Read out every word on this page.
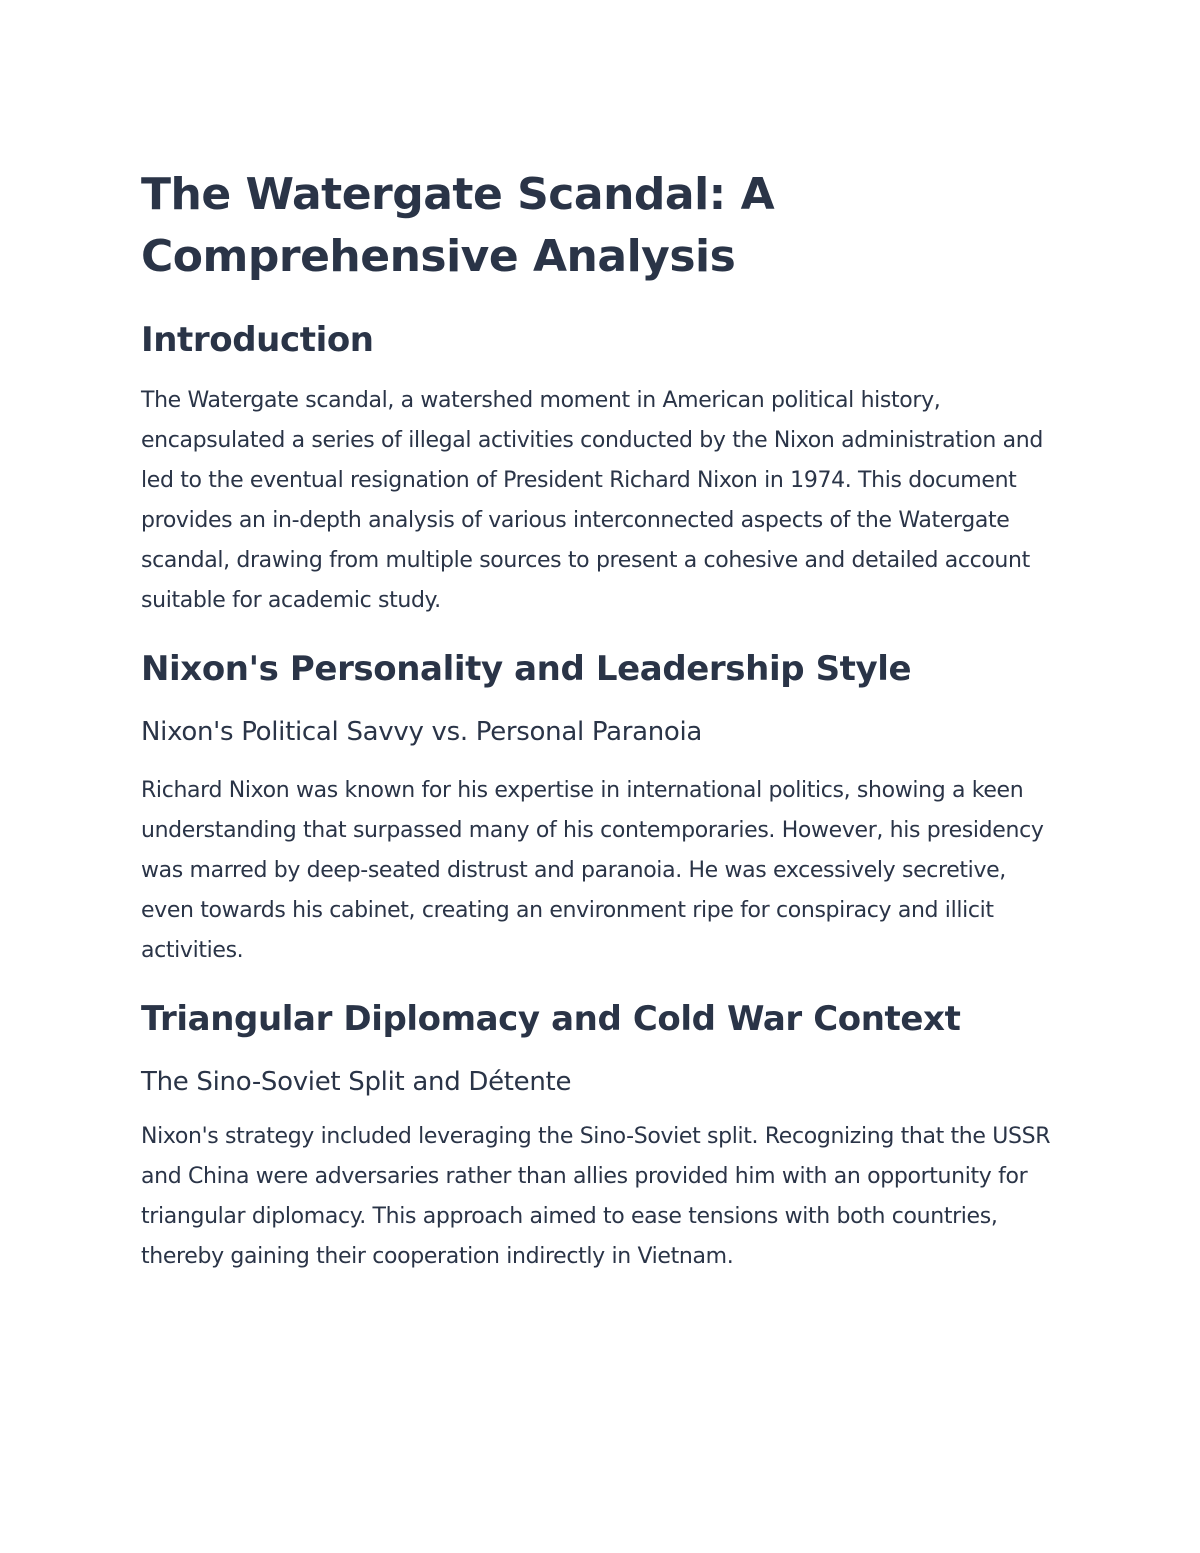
The Watergate Scandal: A Comprehensive Analysis
Introduction

The Watergate scandal, a watershed moment in American political history, encapsulated a series of illegal activities conducted by the Nixon administration and led to the eventual resignation of President Richard Nixon in 1974. This document provides an in-depth analysis of various interconnected aspects of the Watergate scandal, drawing from multiple sources to present a cohesive and detailed account suitable for academic study.

Nixon's Personality and Leadership Style
Nixon's Political Savvy vs. Personal Paranoia

Richard Nixon was known for his expertise in international politics, showing a keen understanding that surpassed many of his contemporaries. However, his presidency was marred by deep-seated distrust and paranoia. He was excessively secretive, even towards his cabinet, creating an environment ripe for conspiracy and illicit activities.

Triangular Diplomacy and Cold War Context
The Sino-Soviet Split and Détente

Nixon's strategy included leveraging the Sino-Soviet split. Recognizing that the USSR and China were adversaries rather than allies provided him with an opportunity for triangular diplomacy. This approach aimed to ease tensions with both countries, thereby gaining their cooperation indirectly in Vietnam.
